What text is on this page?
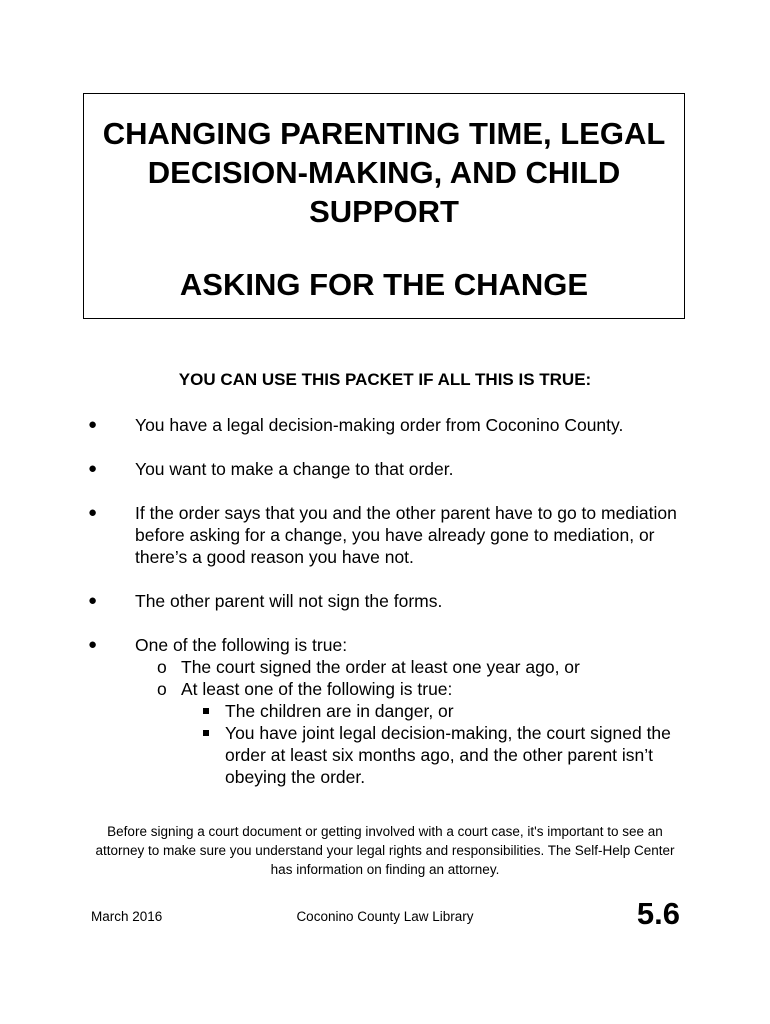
CHANGING PARENTING TIME, LEGAL DECISION-MAKING, AND CHILD SUPPORT
ASKING FOR THE CHANGE
YOU CAN USE THIS PACKET IF ALL THIS IS TRUE:
● You have a legal decision-making order from Coconino County.
● You want to make a change to that order.
● If the order says that you and the other parent have to go to mediation before asking for a change, you have already gone to mediation, or there’s a good reason you have not.
● The other parent will not sign the forms.
● One of the following is true:
o The court signed the order at least one year ago, or
o At least one of the following is true:
The children are in danger, or
You have joint legal decision-making, the court signed the order at least six months ago, and the other parent isn’t obeying the order.
Before signing a court document or getting involved with a court case, it's important to see an attorney to make sure you understand your legal rights and responsibilities. The Self-Help Center has information on finding an attorney.
March 2016	Coconino County Law Library	5.6
